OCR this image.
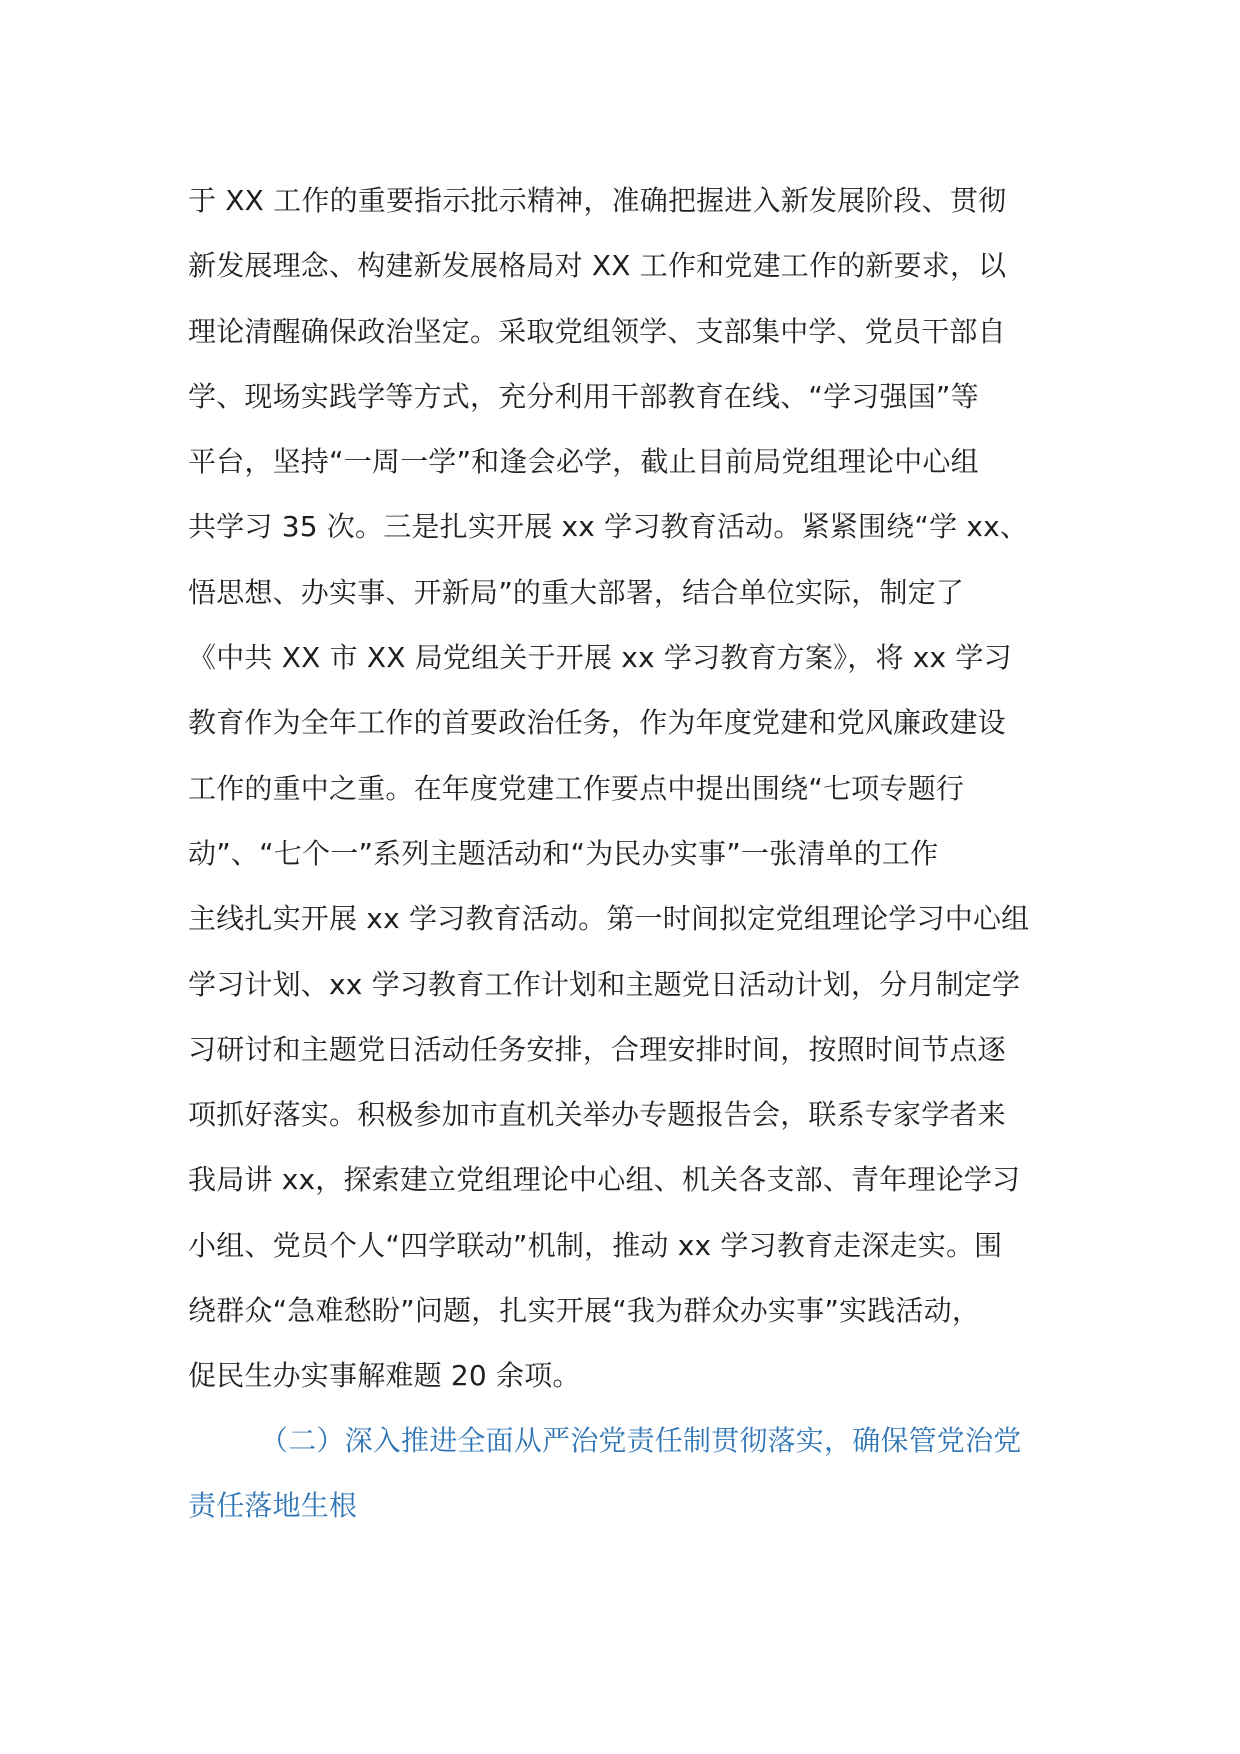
于 XX 工作的重要指示批示精神，准确把握进入新发展阶段、贯彻
新发展理念、构建新发展格局对 XX 工作和党建工作的新要求，以
理论清醒确保政治坚定。采取党组领学、支部集中学、党员干部自
学、现场实践学等方式，充分利用干部教育在线、“学习强国”等
平台，坚持“一周一学”和逢会必学，截止目前局党组理论中心组
共学习 35 次。三是扎实开展 xx 学习教育活动。紧紧围绕“学 xx、
悟思想、办实事、开新局”的重大部署，结合单位实际，制定了
《中共 XX 市 XX 局党组关于开展 xx 学习教育方案》，将 xx 学习
教育作为全年工作的首要政治任务，作为年度党建和党风廉政建设
工作的重中之重。在年度党建工作要点中提出围绕“七项专题行
动”、“七个一”系列主题活动和“为民办实事”一张清单的工作
主线扎实开展 xx 学习教育活动。第一时间拟定党组理论学习中心组
学习计划、xx 学习教育工作计划和主题党日活动计划，分月制定学
习研讨和主题党日活动任务安排，合理安排时间，按照时间节点逐
项抓好落实。积极参加市直机关举办专题报告会，联系专家学者来
我局讲 xx，探索建立党组理论中心组、机关各支部、青年理论学习
小组、党员个人“四学联动”机制，推动 xx 学习教育走深走实。围
绕群众“急难愁盼”问题，扎实开展“我为群众办实事”实践活动，
促民生办实事解难题 20 余项。
（二）深入推进全面从严治党责任制贯彻落实，确保管党治党
责任落地生根
